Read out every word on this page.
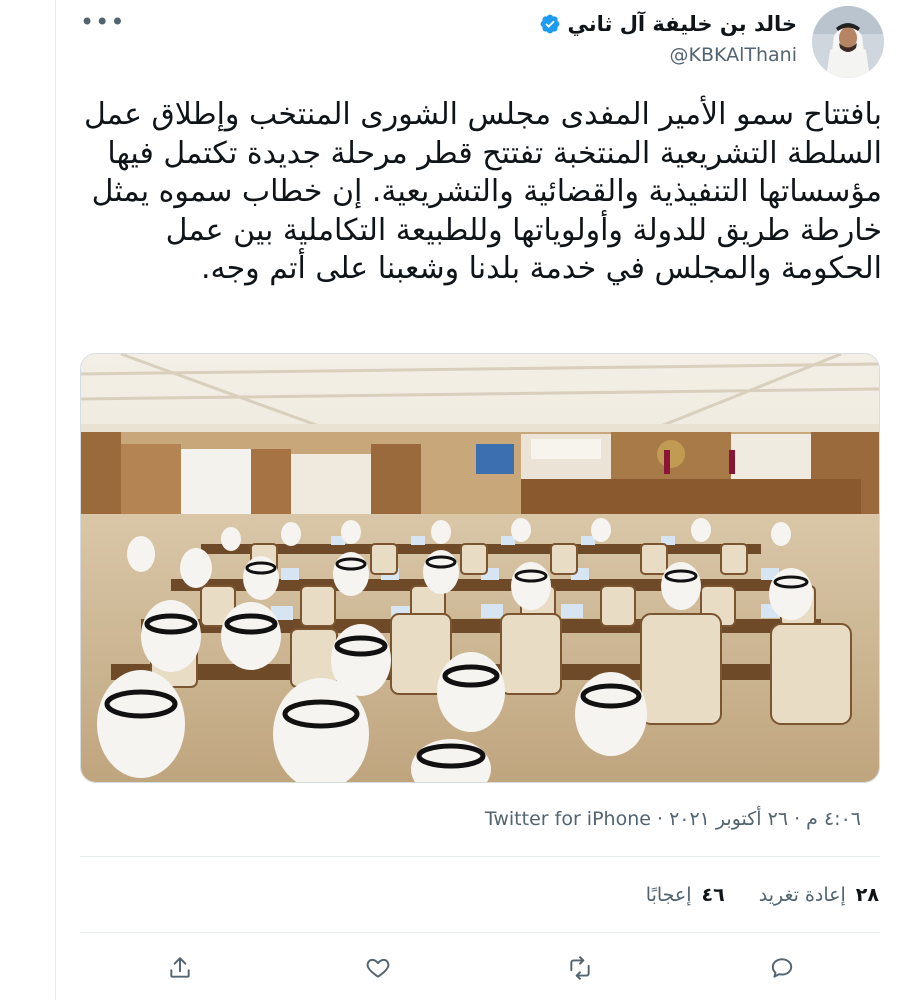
خالد بن خليفة آل ثاني
@KBKAlThani
•••
بافتتاح سمو الأمير المفدى مجلس الشورى المنتخب وإطلاق عمل السلطة التشريعية المنتخبة تفتتح قطر مرحلة جديدة تكتمل فيها مؤسساتها التنفيذية والقضائية والتشريعية. إن خطاب سموه يمثل خارطة طريق للدولة وأولوياتها وللطبيعة التكاملية بين عمل الحكومة والمجلس في خدمة بلدنا وشعبنا على أتم وجه.
٤:٠٦ م · ٢٦ أكتوبر ٢٠٢١ · Twitter for iPhone
٢٨
إعادة تغريد
٤٦
إعجابًا
